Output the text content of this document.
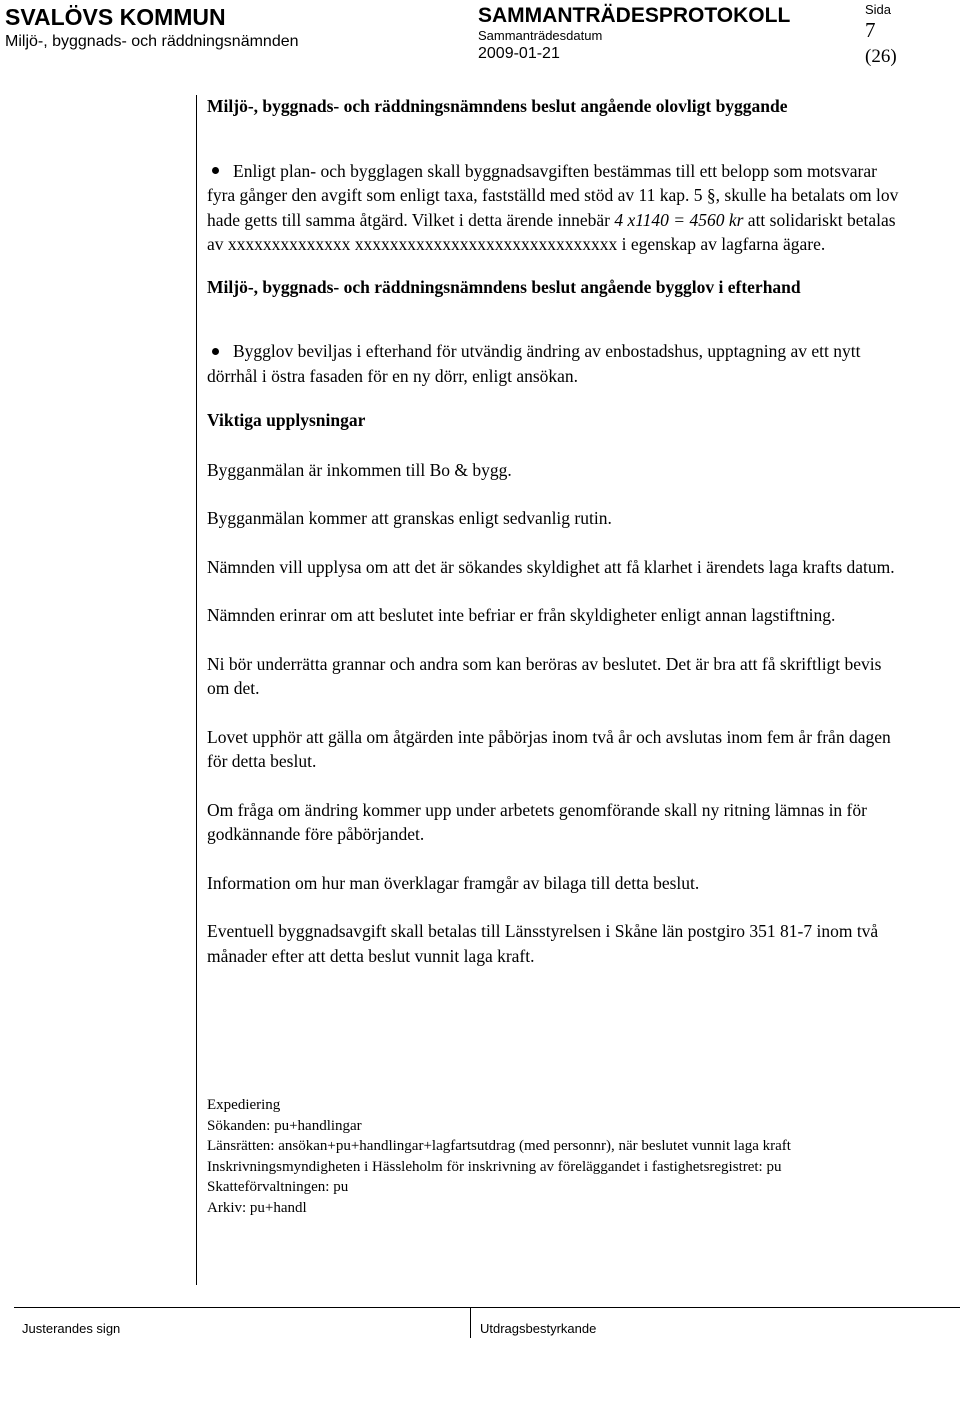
SVALÖVS KOMMUN
Miljö-, byggnads- och räddningsnämnden
SAMMANTRÄDESPROTOKOLL
Sammanträdesdatum
2009-01-21
Sida
7
(26)

Miljö-, byggnads- och räddningsnämndens beslut angående olovligt byggande

Enligt plan- och bygglagen skall byggnadsavgiften bestämmas till ett belopp som motsvarar fyra gånger den avgift som enligt taxa, fastställd med stöd av 11 kap. 5 §, skulle ha betalats om lov hade getts till samma åtgärd. Vilket i detta ärende innebär 4 x1140 = 4560 kr att solidariskt betalas av xxxxxxxxxxxxxx xxxxxxxxxxxxxxxxxxxxxxxxxxxxxx i egenskap av lagfarna ägare.

Miljö-, byggnads- och räddningsnämndens beslut angående bygglov i efterhand

Bygglov beviljas i efterhand för utvändig ändring av enbostadshus, upptagning av ett nytt dörrhål i östra fasaden för en ny dörr, enligt ansökan.

Viktiga upplysningar

Bygganmälan är inkommen till Bo & bygg.

Bygganmälan kommer att granskas enligt sedvanlig rutin.

Nämnden vill upplysa om att det är sökandes skyldighet att få klarhet i ärendets laga krafts datum.

Nämnden erinrar om att beslutet inte befriar er från skyldigheter enligt annan lagstiftning.

Ni bör underrätta grannar och andra som kan beröras av beslutet. Det är bra att få skriftligt bevis om det.

Lovet upphör att gälla om åtgärden inte påbörjas inom två år och avslutas inom fem år från dagen för detta beslut.

Om fråga om ändring kommer upp under arbetets genomförande skall ny ritning lämnas in för godkännande före påbörjandet.

Information om hur man överklagar framgår av bilaga till detta beslut.

Eventuell byggnadsavgift skall betalas till Länsstyrelsen i Skåne län postgiro 351 81-7 inom två månader efter att detta beslut vunnit laga kraft.

Expediering

Sökanden: pu+handlingar

Länsrätten: ansökan+pu+handlingar+lagfartsutdrag (med personnr), när beslutet vunnit laga kraft

Inskrivningsmyndigheten i Hässleholm för inskrivning av föreläggandet i fastighetsregistret: pu

Skatteförvaltningen: pu

Arkiv: pu+handl

Justerandes sign	Utdragsbestyrkande
